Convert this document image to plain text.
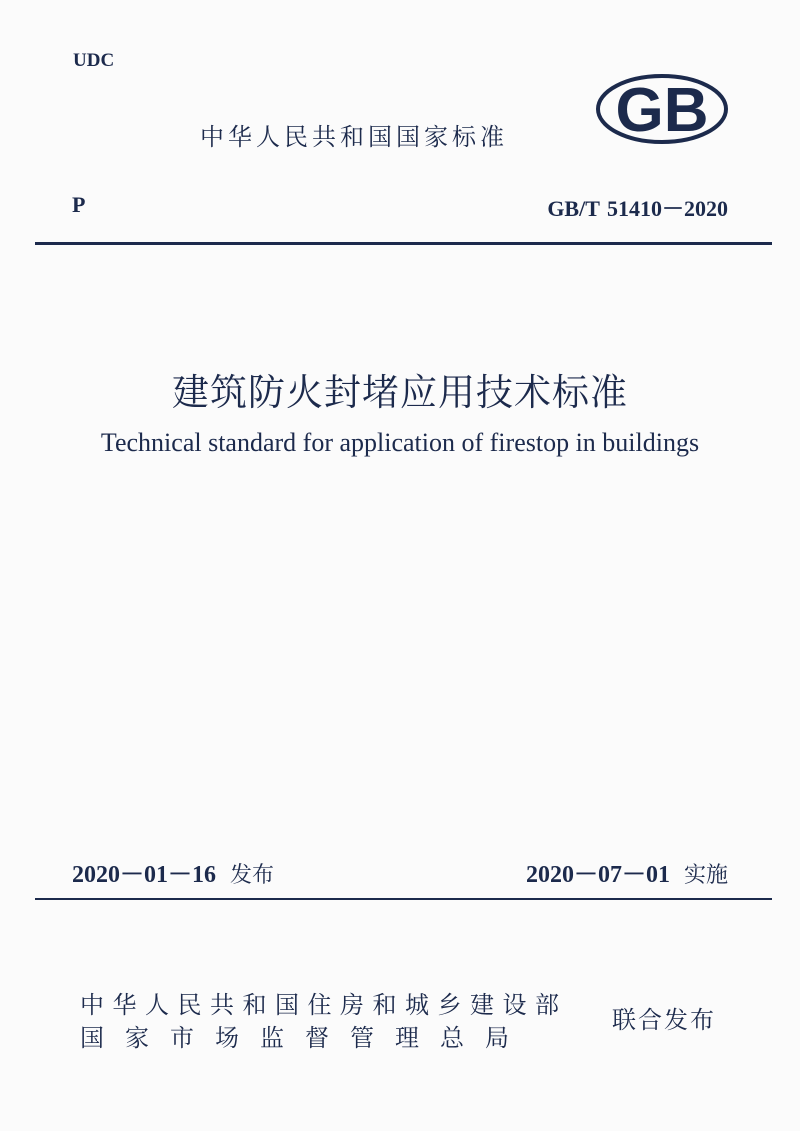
UDC
中华人民共和国国家标准 GB
P	GB/T 51410－2020
建筑防火封堵应用技术标准
Technical standard for application of firestop in buildings
2020－01－16 发布	2020－07－01 实施
中华人民共和国住房和城乡建设部
国家市场监督管理总局
联合发布
